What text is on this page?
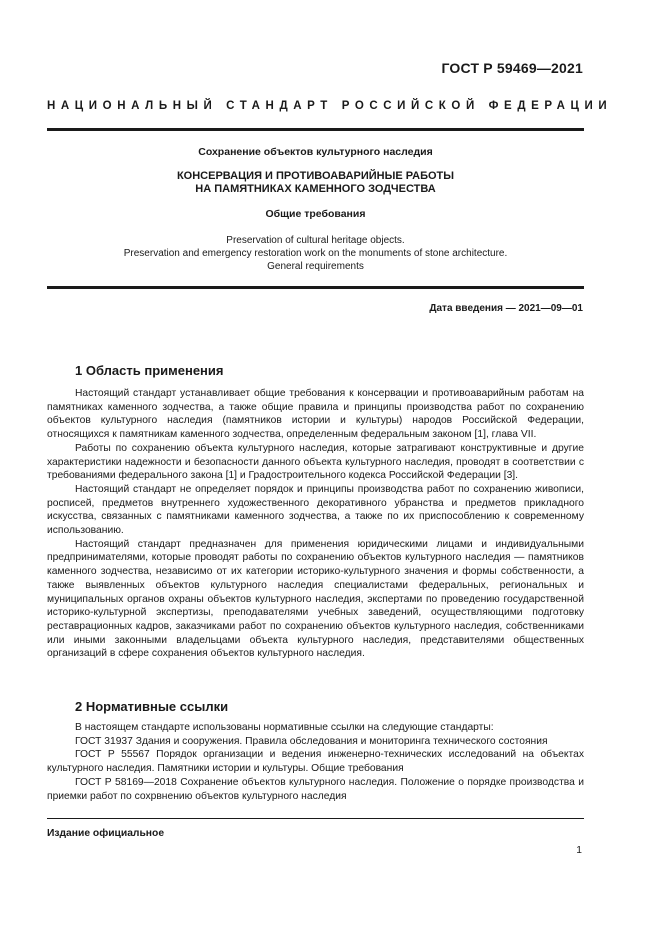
ГОСТ Р 59469—2021
НАЦИОНАЛЬНЫЙ СТАНДАРТ РОССИЙСКОЙ ФЕДЕРАЦИИ
Сохранение объектов культурного наследия
КОНСЕРВАЦИЯ И ПРОТИВОАВАРИЙНЫЕ РАБОТЫ
НА ПАМЯТНИКАХ КАМЕННОГО ЗОДЧЕСТВА
Общие требования
Preservation of cultural heritage objects.
Preservation and emergency restoration work on the monuments of stone architecture.
General requirements
Дата введения — 2021—09—01
1 Область применения

Настоящий стандарт устанавливает общие требования к консервации и противоаварийным работам на памятниках каменного зодчества, а также общие правила и принципы производства работ по сохранению объектов культурного наследия (памятников истории и культуры) народов Российской Федерации, относящихся к памятникам каменного зодчества, определенным федеральным законом [1], глава VII.

Работы по сохранению объекта культурного наследия, которые затрагивают конструктивные и другие характеристики надежности и безопасности данного объекта культурного наследия, проводят в соответствии с требованиями федерального закона [1] и Градостроительного кодекса Российской Федерации [3].

Настоящий стандарт не определяет порядок и принципы производства работ по сохранению живописи, росписей, предметов внутреннего художественного декоративного убранства и предметов прикладного искусства, связанных с памятниками каменного зодчества, а также по их приспособлению к современному использованию.

Настоящий стандарт предназначен для применения юридическими лицами и индивидуальными предпринимателями, которые проводят работы по сохранению объектов культурного наследия — памятников каменного зодчества, независимо от их категории историко-культурного значения и формы собственности, а также выявленных объектов культурного наследия специалистами федеральных, региональных и муниципальных органов охраны объектов культурного наследия, экспертами по проведению государственной историко-культурной экспертизы, преподавателями учебных заведений, осуществляющими подготовку реставрационных кадров, заказчиками работ по сохранению объектов культурного наследия, собственниками или иными законными владельцами объекта культурного наследия, представителями общественных организаций в сфере сохранения объектов культурного наследия.

2 Нормативные ссылки

В настоящем стандарте использованы нормативные ссылки на следующие стандарты:

ГОСТ 31937 Здания и сооружения. Правила обследования и мониторинга технического состояния

ГОСТ Р 55567 Порядок организации и ведения инженерно-технических исследований на объектах культурного наследия. Памятники истории и культуры. Общие требования

ГОСТ Р 58169—2018 Сохранение объектов культурного наследия. Положение о порядке производства и приемки работ по сохрвнению объектов культурного наследия

Издание официальное
1
